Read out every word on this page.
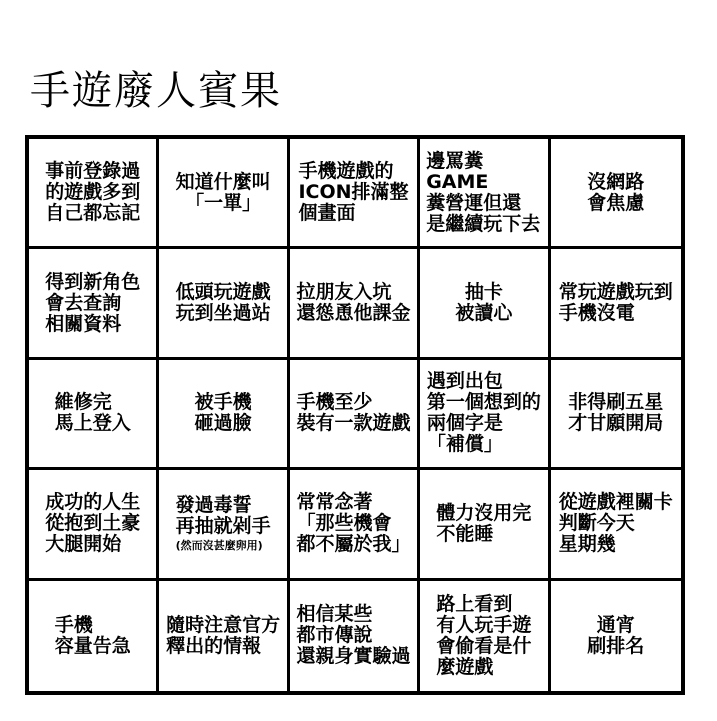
手遊廢人賓果
事前登錄過
的遊戲多到
自己都忘記
知道什麼叫
「一單」
手機遊戲的
ICON排滿整
個畫面
邊罵糞GAME
糞營運但還
是繼續玩下去
沒網路
會焦慮
得到新角色
會去查詢
相關資料
低頭玩遊戲
玩到坐過站
拉朋友入坑
還慫恿他課金
抽卡
被讀心
常玩遊戲玩到
手機沒電
維修完
馬上登入
被手機
砸過臉
手機至少
裝有一款遊戲
遇到出包
第一個想到的
兩個字是
「補償」
非得刷五星
才甘願開局
成功的人生
從抱到土豪
大腿開始
發過毒誓
再抽就剁手
(然而沒甚麼卵用)
常常念著
「那些機會
都不屬於我」
體力沒用完
不能睡
從遊戲裡關卡
判斷今天
星期幾
手機
容量告急
隨時注意官方
釋出的情報
相信某些
都市傳說
還親身實驗過
路上看到
有人玩手遊
會偷看是什
麼遊戲
通宵
刷排名
